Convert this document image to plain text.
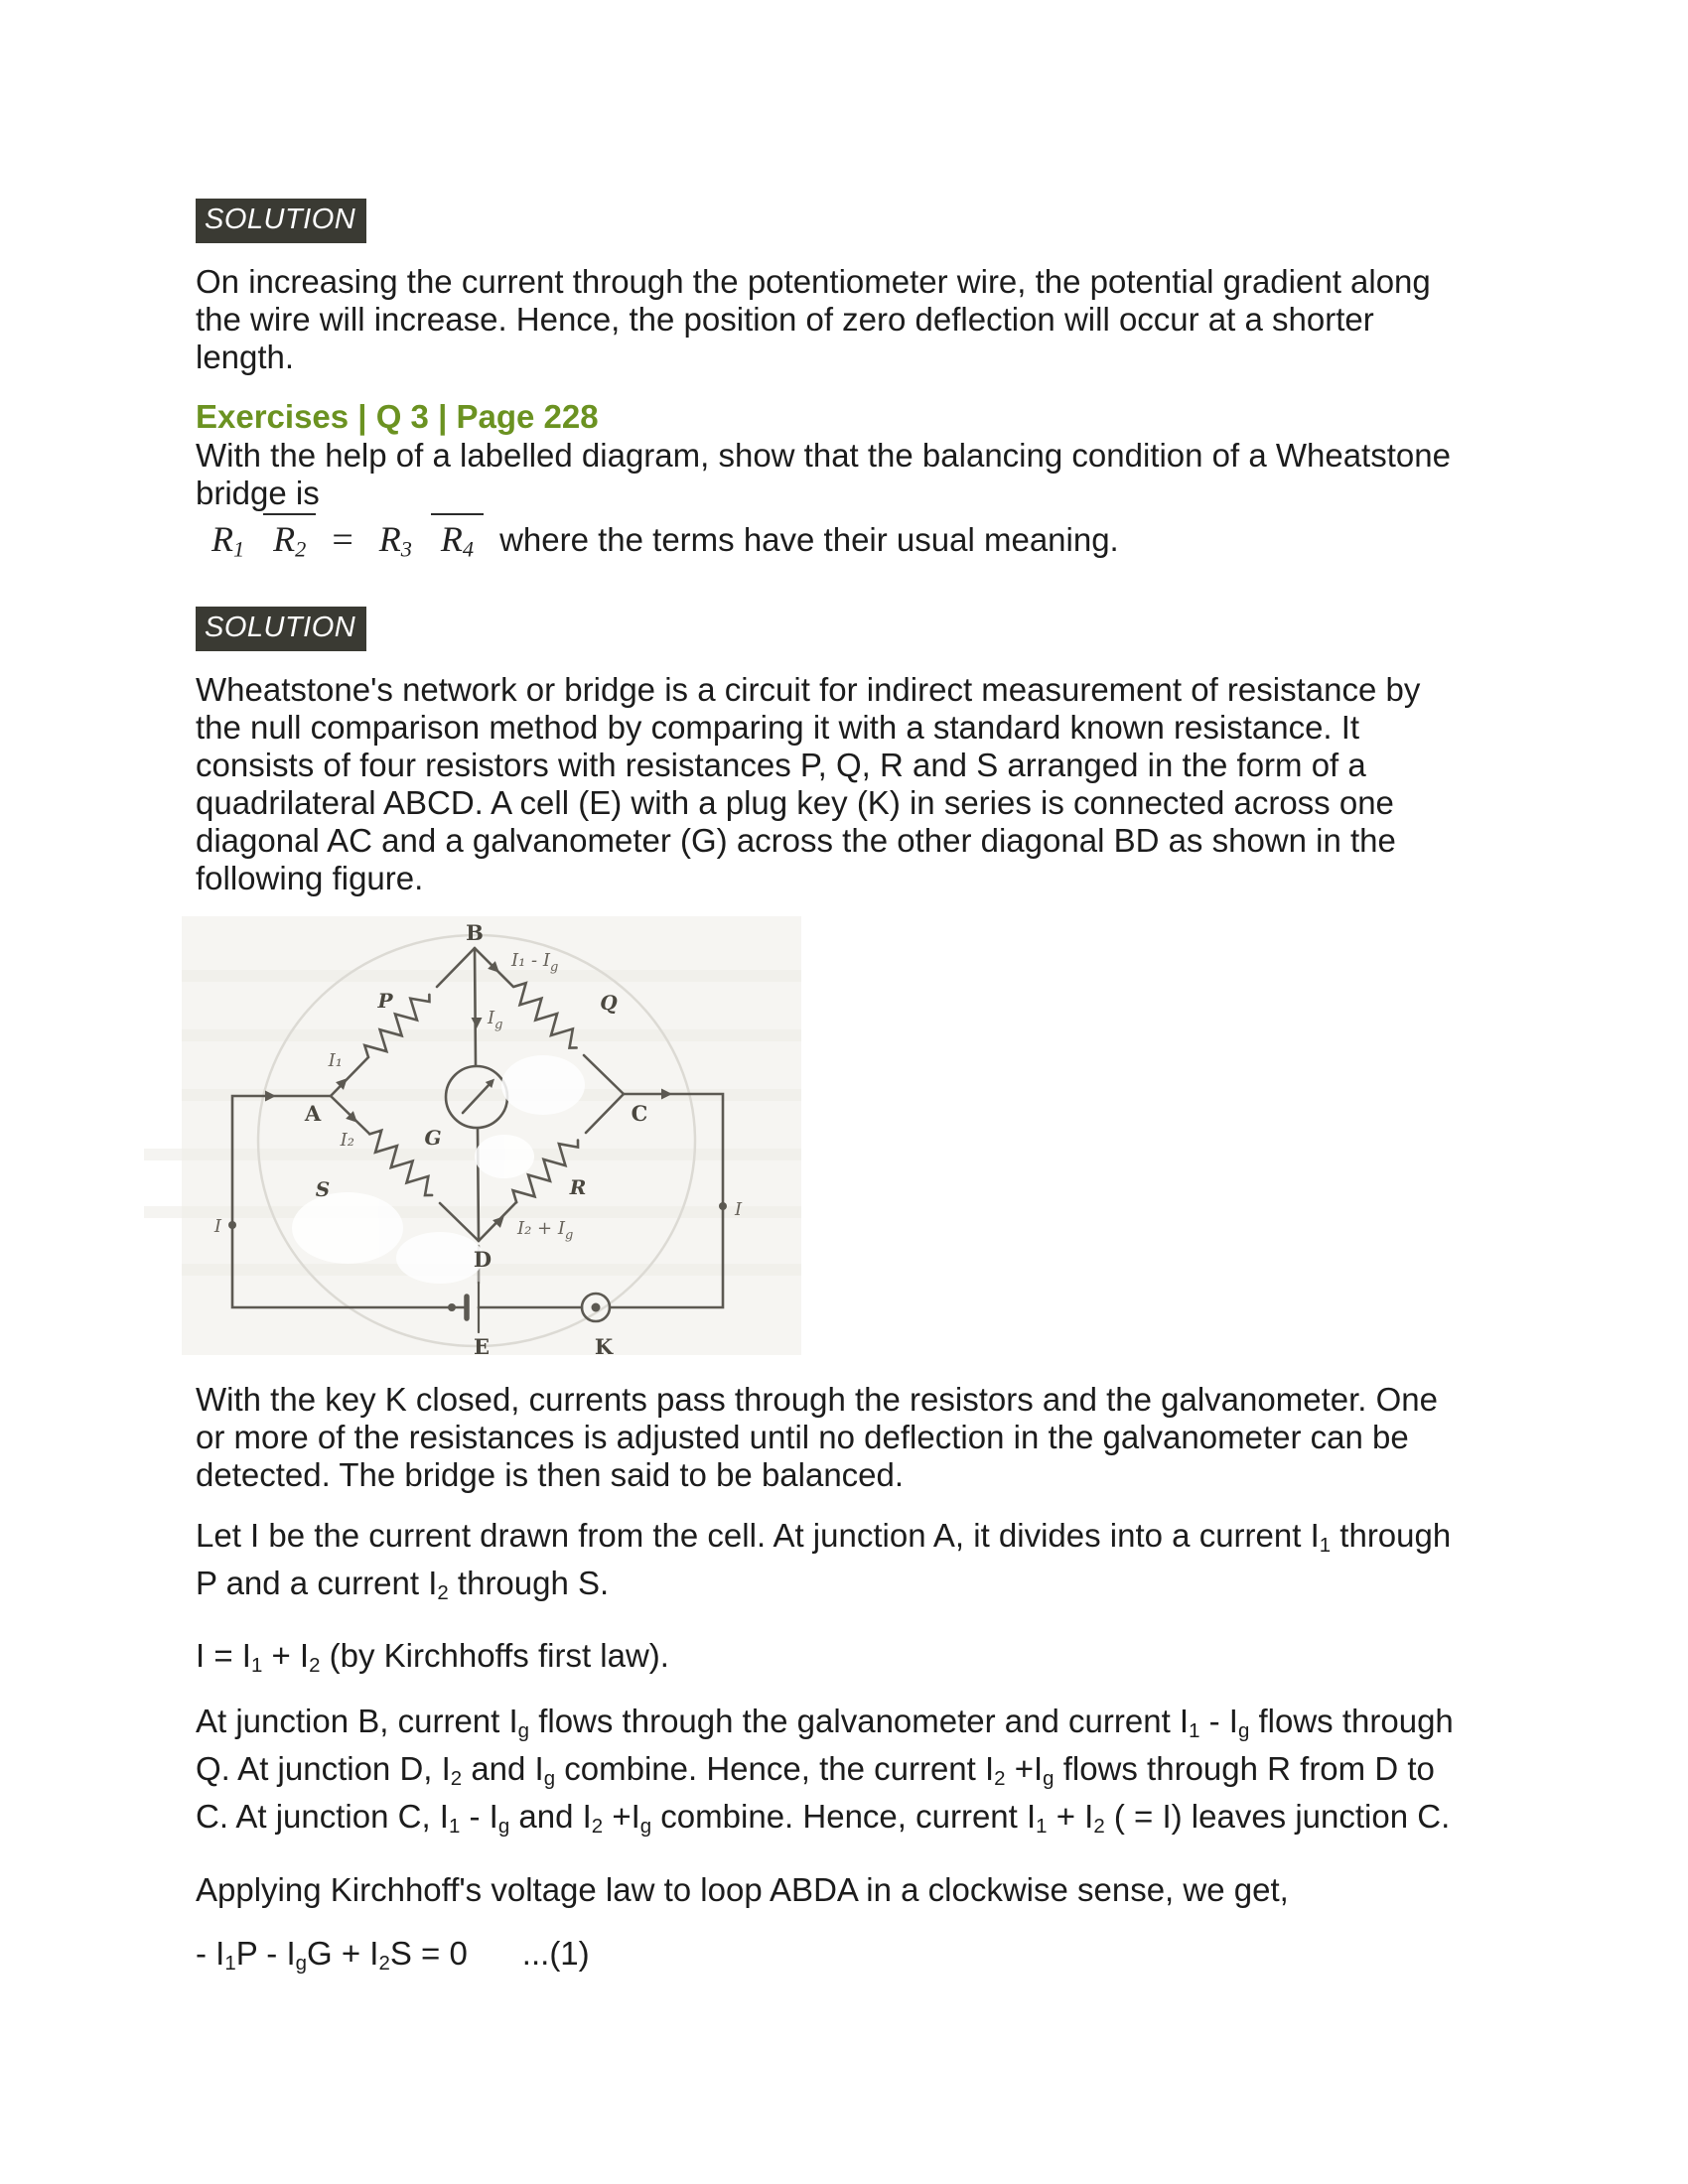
SOLUTION

On increasing the current through the potentiometer wire, the potential gradient along the wire will increase. Hence, the position of zero deflection will occur at a shorter length.

Exercises | Q 3 | Page 228

With the help of a labelled diagram, show that the balancing condition of a Wheatstone bridge is

R1 R2 = R3 R4 where the terms have their usual meaning.
SOLUTION

Wheatstone's network or bridge is a circuit for indirect measurement of resistance by the null comparison method by comparing it with a standard known resistance. It consists of four resistors with resistances P, Q, R and S arranged in the form of a quadrilateral ABCD. A cell (E) with a plug key (K) in series is connected across one diagonal AC and a galvanometer (G) across the other diagonal BD as shown in the following figure.

B
A	C
D
E	K
P	Q
S	R
G
I₁
I₂
$I_1 - I_g$
$I_g$
$I_2 + I_g$
I
I

With the key K closed, currents pass through the resistors and the galvanometer. One or more of the resistances is adjusted until no deflection in the galvanometer can be detected. The bridge is then said to be balanced.

Let I be the current drawn from the cell. At junction A, it divides into a current I1 through P and a current I2 through S.

I = I1 + I2 (by Kirchhoffs first law).

At junction B, current Ig flows through the galvanometer and current I1 - Ig flows through Q. At junction D, I2 and Ig combine. Hence, the current I2 +Ig flows through R from D to C. At junction C, I1 - Ig and I2 +Ig combine. Hence, current I1 + I2 ( = I) leaves junction C.

Applying Kirchhoff's voltage law to loop ABDA in a clockwise sense, we get,

- I1P - IgG + I2S = 0      ...(1)
